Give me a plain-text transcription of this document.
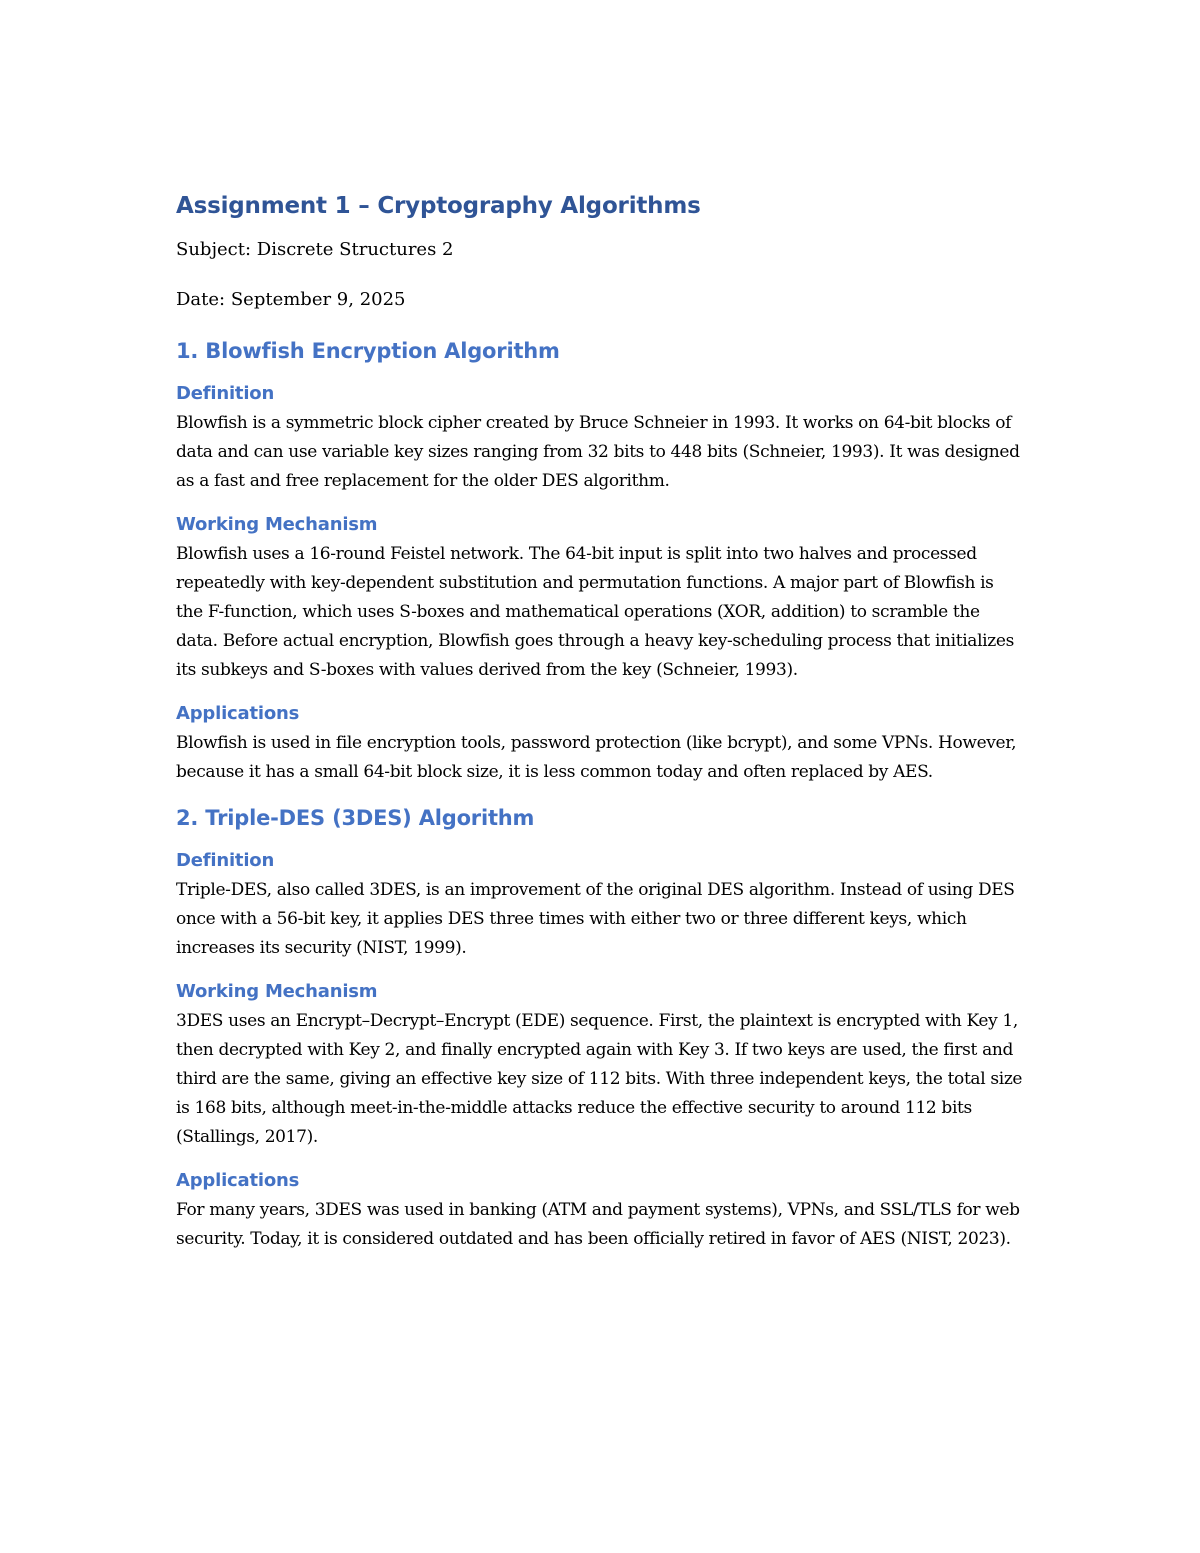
Assignment 1 – Cryptography Algorithms

Subject: Discrete Structures 2

Date: September 9, 2025

1. Blowfish Encryption Algorithm
Definition

Blowfish is a symmetric block cipher created by Bruce Schneier in 1993. It works on 64-bit blocks of data and can use variable key sizes ranging from 32 bits to 448 bits (Schneier, 1993). It was designed as a fast and free replacement for the older DES algorithm.

Working Mechanism

Blowfish uses a 16-round Feistel network. The 64-bit input is split into two halves and processed repeatedly with key-dependent substitution and permutation functions. A major part of Blowfish is the F-function, which uses S-boxes and mathematical operations (XOR, addition) to scramble the data. Before actual encryption, Blowfish goes through a heavy key-scheduling process that initializes its subkeys and S-boxes with values derived from the key (Schneier, 1993).

Applications

Blowfish is used in file encryption tools, password protection (like bcrypt), and some VPNs. However, because it has a small 64-bit block size, it is less common today and often replaced by AES.

2. Triple-DES (3DES) Algorithm
Definition

Triple-DES, also called 3DES, is an improvement of the original DES algorithm. Instead of using DES once with a 56-bit key, it applies DES three times with either two or three different keys, which increases its security (NIST, 1999).

Working Mechanism

3DES uses an Encrypt–Decrypt–Encrypt (EDE) sequence. First, the plaintext is encrypted with Key 1, then decrypted with Key 2, and finally encrypted again with Key 3. If two keys are used, the first and third are the same, giving an effective key size of 112 bits. With three independent keys, the total size is 168 bits, although meet-in-the-middle attacks reduce the effective security to around 112 bits (Stallings, 2017).

Applications

For many years, 3DES was used in banking (ATM and payment systems), VPNs, and SSL/TLS for web security. Today, it is considered outdated and has been officially retired in favor of AES (NIST, 2023).
